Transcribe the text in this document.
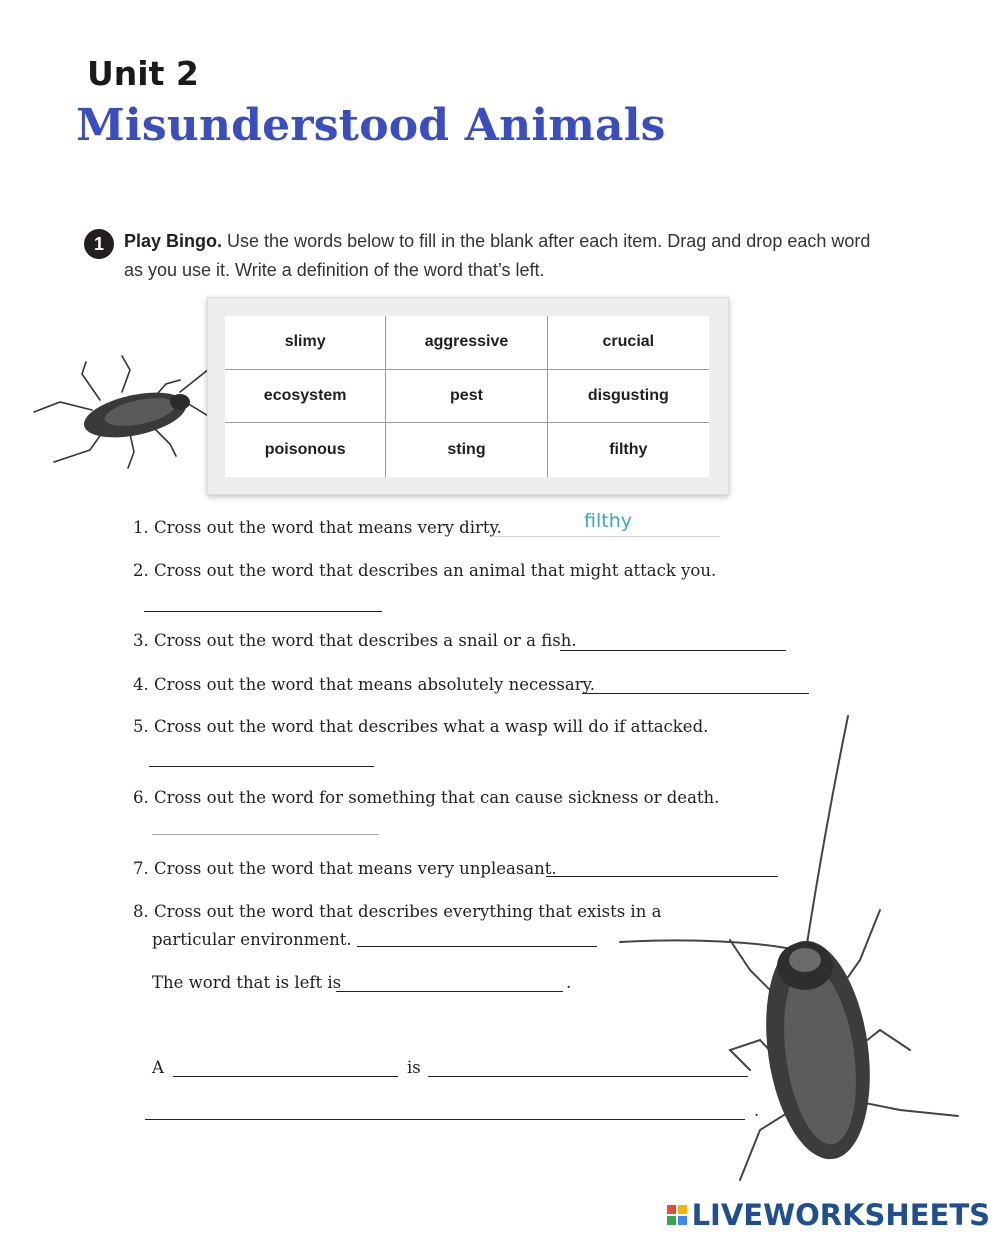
Unit 2
Misunderstood Animals
1	Play Bingo. Use the words below to fill in the blank after each item. Drag and drop each word
as you use it. Write a definition of the word that’s left.
slimy	aggressive	crucial
ecosystem	pest	disgusting
poisonous	sting	filthy
1. Cross out the word that means very dirty.	filthy
2. Cross out the word that describes an animal that might attack you.
3. Cross out the word that describes a snail or a fish.
4. Cross out the word that means absolutely necessary.
5. Cross out the word that describes what a wasp will do if attacked.
6. Cross out the word for something that can cause sickness or death.
7. Cross out the word that means very unpleasant.
8. Cross out the word that describes everything that exists in a
particular environment.
The word that is left is	.
A	is
.
LIVEWORKSHEETS
